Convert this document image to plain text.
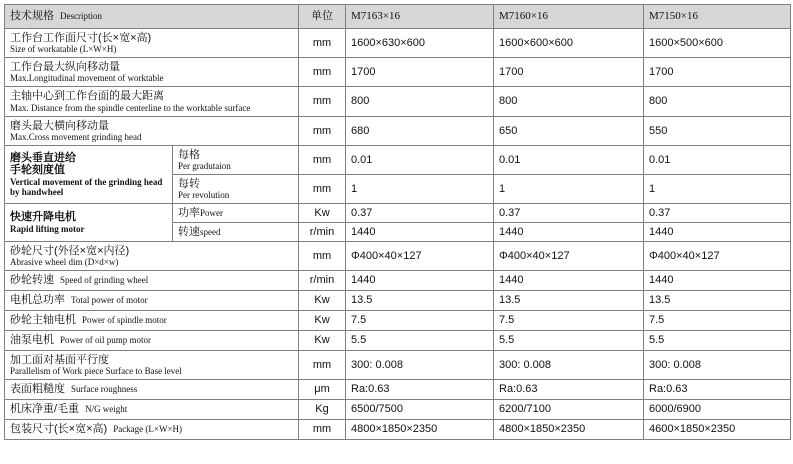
技术规格 Description		单位	M7163×16	M7160×16	M7150×16

工作台工作面尺寸(长×宽×高)
Size of workatable (L×W×H)		mm	1600×630×600	1600×600×600	1600×500×600

工作台最大纵向移动量
Max.Longitudinal movement of worktable		mm	1700	1700	1700

主轴中心到工作台面的最大距离
Max. Distance from the spindle centerline to the worktable surface		mm	800	800	800

磨头最大横向移动量
Max.Cross movement grinding head		mm	680	650	550

磨头垂直进给
手轮刻度值
Vertical movement of the grinding head
by handwheel	每格
Per gradutaion	mm	0.01	0.01	0.01

	每转
Per revolution	mm	1	1	1

快速升降电机
Rapid lifting motor	功率Power	Kw	0.37	0.37	0.37
	转速speed	r/min	1440	1440	1440

砂轮尺寸(外径×宽×内径)
Abrasive wheel dim (D×d×w)		mm	Φ400×40×127	Φ400×40×127	Φ400×40×127
砂轮转速 Speed of grinding wheel		r/min	1440	1440	1440
电机总功率 Total power of motor		Kw	13.5	13.5	13.5
砂轮主轴电机 Power of spindle motor		Kw	7.5	7.5	7.5
油泵电机 Power of oil pump motor		Kw	5.5	5.5	5.5

加工面对基面平行度
Parallelism of Work piece Surface to Base level		mm	300: 0.008	300: 0.008	300: 0.008
表面粗糙度 Surface roughness		μm	Ra:0.63	Ra:0.63	Ra:0.63
机床净重/毛重 N/G weight		Kg	6500/7500	6200/7100	6000/6900
包装尺寸(长×宽×高) Package (L×W×H)		mm	4800×1850×2350	4800×1850×2350	4600×1850×2350
